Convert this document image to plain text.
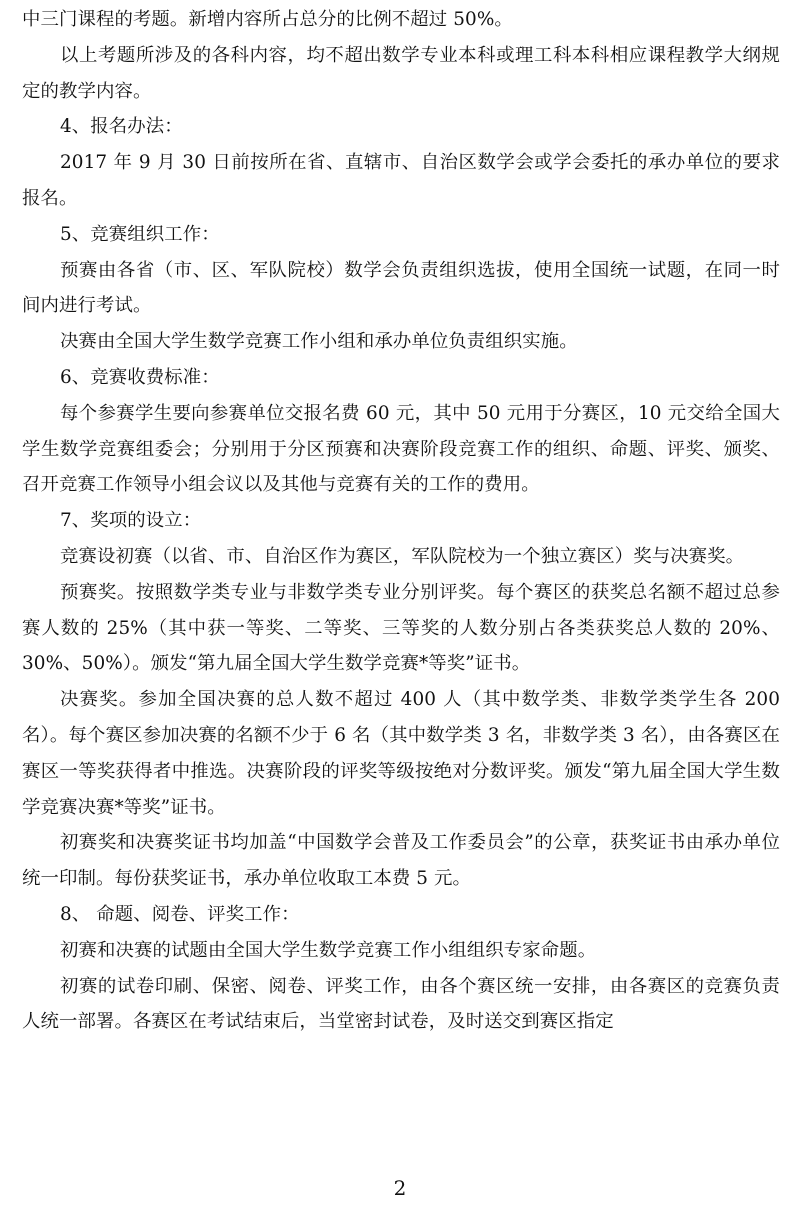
中三门课程的考题。新增内容所占总分的比例不超过 50%。

以上考题所涉及的各科内容，均不超出数学专业本科或理工科本科相应课程教学大纲规定的教学内容。

4、报名办法：

2017 年 9 月 30 日前按所在省、直辖市、自治区数学会或学会委托的承办单位的要求报名。

5、竞赛组织工作：

预赛由各省（市、区、军队院校）数学会负责组织选拔，使用全国统一试题，在同一时间内进行考试。

决赛由全国大学生数学竞赛工作小组和承办单位负责组织实施。

6、竞赛收费标准：

每个参赛学生要向参赛单位交报名费 60 元，其中 50 元用于分赛区，10 元交给全国大学生数学竞赛组委会；分别用于分区预赛和决赛阶段竞赛工作的组织、命题、评奖、颁奖、召开竞赛工作领导小组会议以及其他与竞赛有关的工作的费用。

7、奖项的设立：

竞赛设初赛（以省、市、自治区作为赛区，军队院校为一个独立赛区）奖与决赛奖。

预赛奖。按照数学类专业与非数学类专业分别评奖。每个赛区的获奖总名额不超过总参赛人数的 25%（其中获一等奖、二等奖、三等奖的人数分别占各类获奖总人数的 20%、30%、50%）。颁发“第九届全国大学生数学竞赛*等奖”证书。

决赛奖。参加全国决赛的总人数不超过 400 人（其中数学类、非数学类学生各 200 名）。每个赛区参加决赛的名额不少于 6 名（其中数学类 3 名，非数学类 3 名），由各赛区在赛区一等奖获得者中推选。决赛阶段的评奖等级按绝对分数评奖。颁发“第九届全国大学生数学竞赛决赛*等奖”证书。

初赛奖和决赛奖证书均加盖“中国数学会普及工作委员会”的公章，获奖证书由承办单位统一印制。每份获奖证书，承办单位收取工本费 5 元。

8、 命题、阅卷、评奖工作：

初赛和决赛的试题由全国大学生数学竞赛工作小组组织专家命题。

初赛的试卷印刷、保密、阅卷、评奖工作，由各个赛区统一安排，由各赛区的竞赛负责人统一部署。各赛区在考试结束后，当堂密封试卷，及时送交到赛区指定

2
